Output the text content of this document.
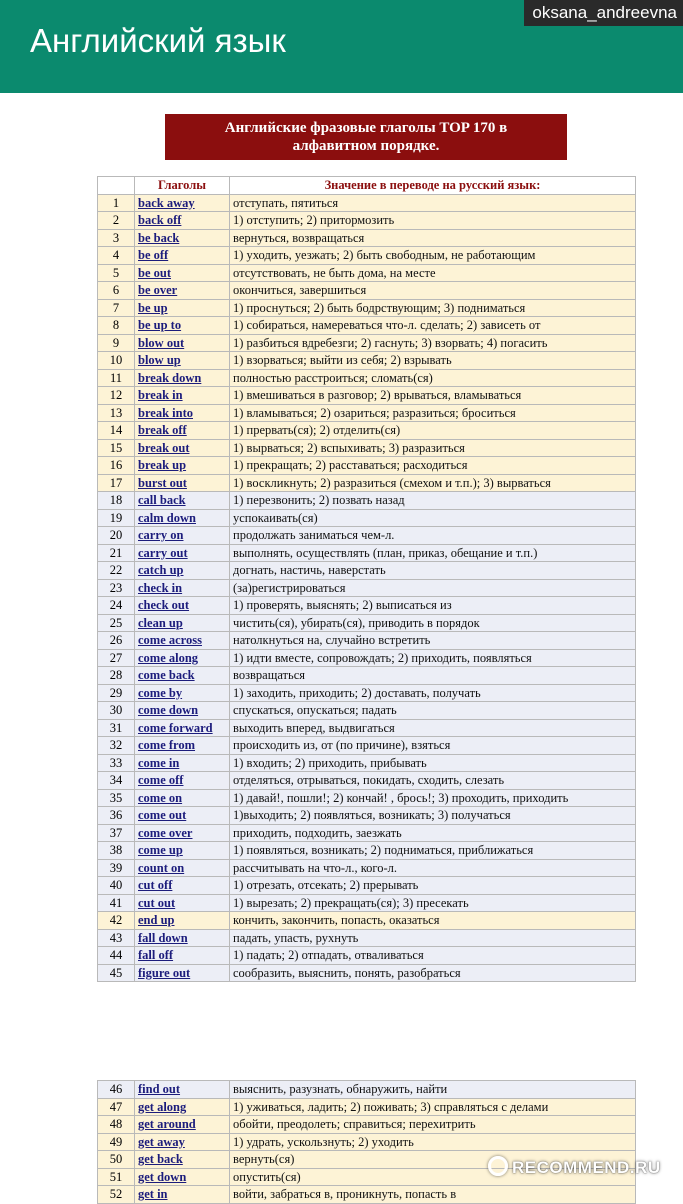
Английский язык
oksana_andreevna
Английские фразовые глаголы TOP 170 в алфавитном порядке.
	Глаголы	Значение в переводе на русский язык:
1	back away	отступать, пятиться
2	back off	1) отступить; 2) притормозить
3	be back	вернуться, возвращаться
4	be off	1) уходить, уезжать; 2) быть свободным, не работающим
5	be out	отсутствовать, не быть дома, на месте
6	be over	окончиться, завершиться
7	be up	1) проснуться; 2) быть бодрствующим; 3) подниматься
8	be up to	1) собираться, намереваться что-л. сделать; 2) зависеть от
9	blow out	1) разбиться вдребезги; 2) гаснуть; 3) взорвать; 4) погасить
10	blow up	1) взорваться; выйти из себя; 2) взрывать
11	break down	полностью расстроиться; сломать(ся)
12	break in	1) вмешиваться в разговор; 2) врываться, вламываться
13	break into	1) вламываться; 2) озариться; разразиться; броситься
14	break off	1) прервать(ся); 2) отделить(ся)
15	break out	1) вырваться; 2) вспыхивать; 3) разразиться
16	break up	1) прекращать; 2) расставаться; расходиться
17	burst out	1) воскликнуть; 2) разразиться (смехом и т.п.); 3) вырваться
18	call back	1) перезвонить; 2) позвать назад
19	calm down	успокаивать(ся)
20	carry on	продолжать заниматься чем-л.
21	carry out	выполнять, осуществлять (план, приказ, обещание и т.п.)
22	catch up	догнать, настичь, наверстать
23	check in	(за)регистрироваться
24	check out	1) проверять, выяснять; 2) выписаться из
25	clean up	чистить(ся), убирать(ся), приводить в порядок
26	come across	натолкнуться на, случайно встретить
27	come along	1) идти вместе, сопровождать; 2) приходить, появляться
28	come back	возвращаться
29	come by	1) заходить, приходить; 2) доставать, получать
30	come down	спускаться, опускаться; падать
31	come forward	выходить вперед, выдвигаться
32	come from	происходить из, от (по причине), взяться
33	come in	1) входить; 2) приходить, прибывать
34	come off	отделяться, отрываться, покидать, сходить, слезать
35	come on	1) давай!, пошли!; 2) кончай! , брось!; 3) проходить, приходить
36	come out	1)выходить; 2) появляться, возникать; 3) получаться
37	come over	приходить, подходить, заезжать
38	come up	1) появляться, возникать; 2) подниматься, приближаться
39	count on	рассчитывать на что-л., кого-л.
40	cut off	1) отрезать, отсекать; 2) прерывать
41	cut out	1) вырезать; 2) прекращать(ся); 3) пресекать
42	end up	кончить, закончить, попасть, оказаться
43	fall down	падать, упасть, рухнуть
44	fall off	1) падать; 2) отпадать, отваливаться
45	figure out	сообразить, выяснить, понять, разобраться
46	find out	выяснить, разузнать, обнаружить, найти
47	get along	1) уживаться, ладить; 2) поживать; 3) справляться с делами
48	get around	обойти, преодолеть; справиться; перехитрить
49	get away	1) удрать, ускользнуть; 2) уходить
50	get back	вернуть(ся)
51	get down	опустить(ся)
52	get in	войти, забраться в, проникнуть, попасть в
RECOMMEND.RU
